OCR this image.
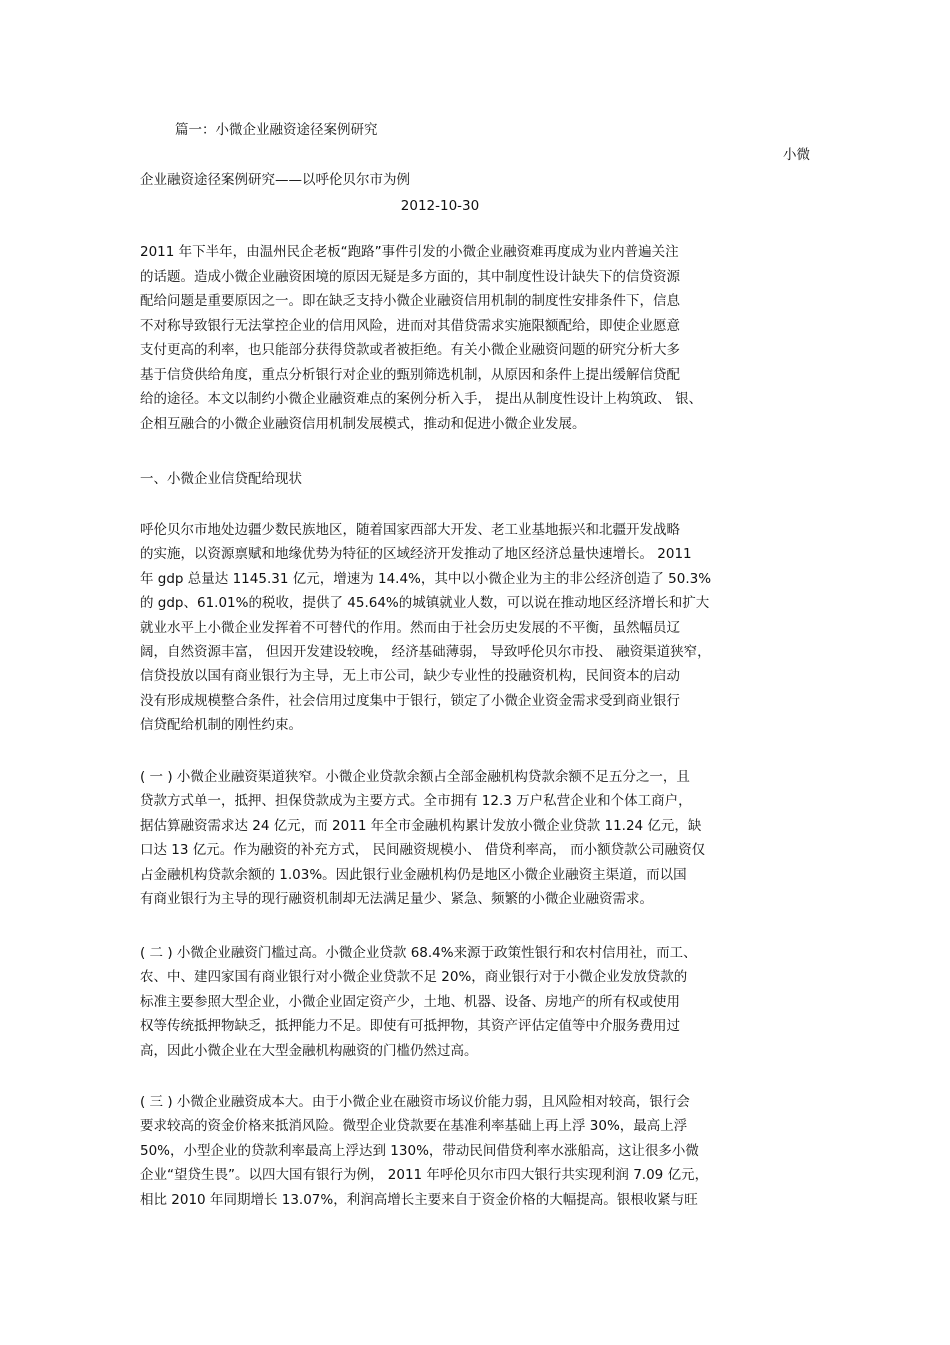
篇一：小微企业融资途径案例研究
小微
企业融资途径案例研究——以呼伦贝尔市为例
2012-10-30
2011 年下半年，由温州民企老板“跑路”事件引发的小微企业融资难再度成为业内普遍关注
的话题。造成小微企业融资困境的原因无疑是多方面的，其中制度性设计缺失下的信贷资源
配给问题是重要原因之一。即在缺乏支持小微企业融资信用机制的制度性安排条件下，信息
不对称导致银行无法掌控企业的信用风险，进而对其借贷需求实施限额配给，即使企业愿意
支付更高的利率，也只能部分获得贷款或者被拒绝。有关小微企业融资问题的研究分析大多
基于信贷供给角度，重点分析银行对企业的甄别筛选机制，从原因和条件上提出缓解信贷配
给的途径。本文以制约小微企业融资难点的案例分析入手， 提出从制度性设计上构筑政、 银、
企相互融合的小微企业融资信用机制发展模式，推动和促进小微企业发展。
一、小微企业信贷配给现状
呼伦贝尔市地处边疆少数民族地区，随着国家西部大开发、老工业基地振兴和北疆开发战略
的实施，以资源禀赋和地缘优势为特征的区域经济开发推动了地区经济总量快速增长。 2011
年 gdp 总量达 1145.31 亿元，增速为 14.4%，其中以小微企业为主的非公经济创造了 50.3%
的 gdp、61.01%的税收，提供了 45.64%的城镇就业人数，可以说在推动地区经济增长和扩大
就业水平上小微企业发挥着不可替代的作用。然而由于社会历史发展的不平衡，虽然幅员辽
阔，自然资源丰富， 但因开发建设较晚， 经济基础薄弱， 导致呼伦贝尔市投、 融资渠道狭窄，
信贷投放以国有商业银行为主导，无上市公司，缺少专业性的投融资机构，民间资本的启动
没有形成规模整合条件，社会信用过度集中于银行，锁定了小微企业资金需求受到商业银行
信贷配给机制的刚性约束。
( 一 ) 小微企业融资渠道狭窄。小微企业贷款余额占全部金融机构贷款余额不足五分之一，且
贷款方式单一，抵押、担保贷款成为主要方式。全市拥有 12.3 万户私营企业和个体工商户，
据估算融资需求达 24 亿元，而 2011 年全市金融机构累计发放小微企业贷款 11.24 亿元，缺
口达 13 亿元。作为融资的补充方式， 民间融资规模小、 借贷利率高， 而小额贷款公司融资仅
占金融机构贷款余额的 1.03%。因此银行业金融机构仍是地区小微企业融资主渠道，而以国
有商业银行为主导的现行融资机制却无法满足量少、紧急、频繁的小微企业融资需求。
( 二 ) 小微企业融资门槛过高。小微企业贷款 68.4%来源于政策性银行和农村信用社，而工、
农、中、建四家国有商业银行对小微企业贷款不足 20%，商业银行对于小微企业发放贷款的
标准主要参照大型企业，小微企业固定资产少，土地、机器、设备、房地产的所有权或使用
权等传统抵押物缺乏，抵押能力不足。即使有可抵押物，其资产评估定值等中介服务费用过
高，因此小微企业在大型金融机构融资的门槛仍然过高。
( 三 ) 小微企业融资成本大。由于小微企业在融资市场议价能力弱，且风险相对较高，银行会
要求较高的资金价格来抵消风险。微型企业贷款要在基准利率基础上再上浮 30%，最高上浮
50%，小型企业的贷款利率最高上浮达到 130%，带动民间借贷利率水涨船高，这让很多小微
企业“望贷生畏”。以四大国有银行为例， 2011 年呼伦贝尔市四大银行共实现利润 7.09 亿元，
相比 2010 年同期增长 13.07%，利润高增长主要来自于资金价格的大幅提高。银根收紧与旺
